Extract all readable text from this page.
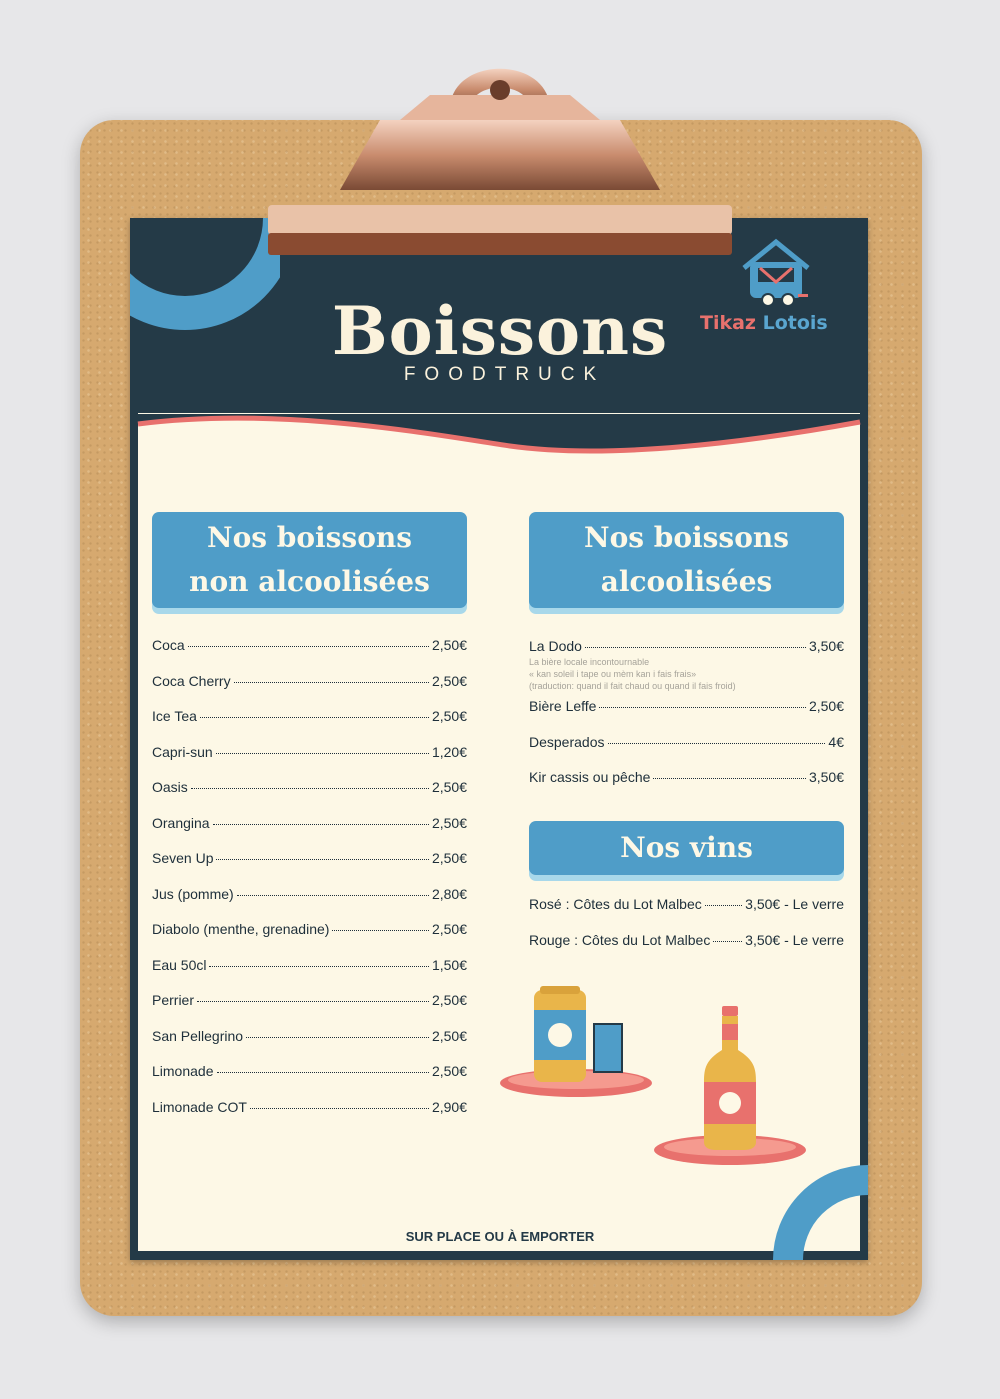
Tikaz Lotois
Boissons
FOODTRUCK
Nos boissons
non alcoolisées
Nos boissons
alcoolisées
Nos vins
Coca	2,50€
Coca Cherry	2,50€
Ice Tea	2,50€
Capri-sun	1,20€
Oasis	2,50€
Orangina	2,50€
Seven Up	2,50€
Jus (pomme)	2,80€
Diabolo (menthe, grenadine)	2,50€
Eau 50cl	1,50€
Perrier	2,50€
San Pellegrino	2,50€
Limonade	2,50€
Limonade COT	2,90€
La Dodo	3,50€
La bière locale incontournable
« kan soleil i tape ou mèm kan i fais frais»
(traduction: quand il fait chaud ou quand il fais froid)
Bière Leffe	2,50€
Desperados	4€
Kir cassis ou pêche	3,50€
Rosé : Côtes du Lot Malbec	3,50€ - Le verre
Rouge : Côtes du Lot Malbec 3,50€ - Le verre
SUR PLACE OU À EMPORTER
